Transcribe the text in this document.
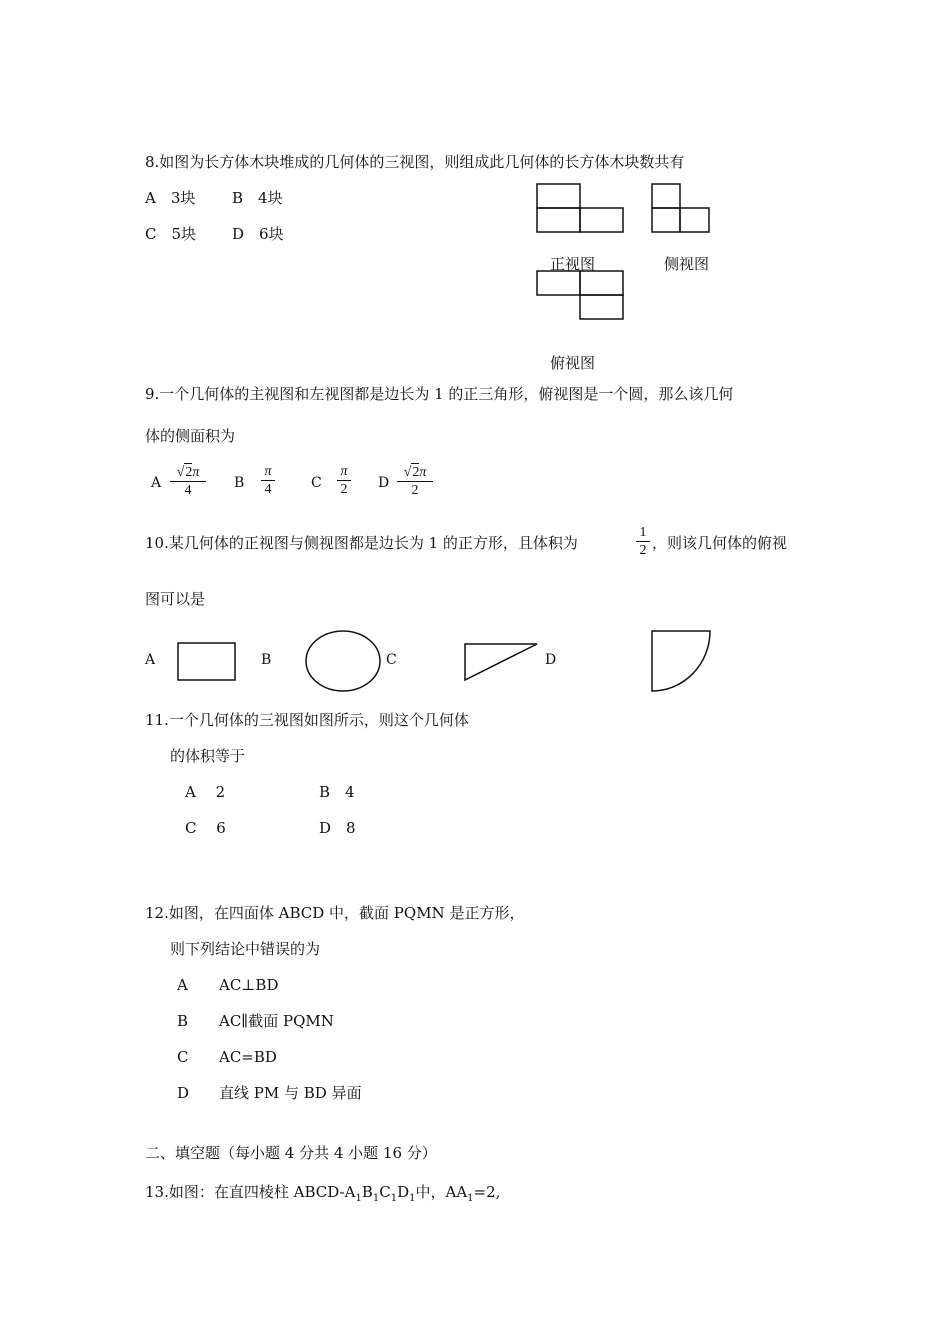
8.如图为长方体木块堆成的几何体的三视图，则组成此几何体的长方体木块数共有
A　3块 B　4块
C　5块 D　6块
正视图	侧视图
俯视图
9.一个几何体的主视图和左视图都是边长为 1 的正三角形，俯视图是一个圆，那么该几何
体的侧面积为
A $\frac{√2\pi}{4}$ B $\frac{\pi}{4}$	C $\frac{\pi}{2}$ D $\frac{√2\pi}{2}$
10.某几何体的正视图与侧视图都是边长为 1 的正方形，且体积为	$\frac{1}{2}$ ，则该几何体的俯视
图可以是
A	B	C	D
11.一个几何体的三视图如图所示，则这个几何体
的体积等于
A　 2	B　4
C　 6	D　8
12.如图，在四面体 ABCD 中，截面 PQMN 是正方形，
则下列结论中错误的为
A AC⊥BD
B AC∥截面 PQMN
C AC=BD
D 直线 PM 与 BD 异面
二、填空题（每小题 4 分共 4 小题 16 分）
13.如图：在直四棱柱 ABCD-$A_1B_1C_1D_1$中，$AA_1=2$,
